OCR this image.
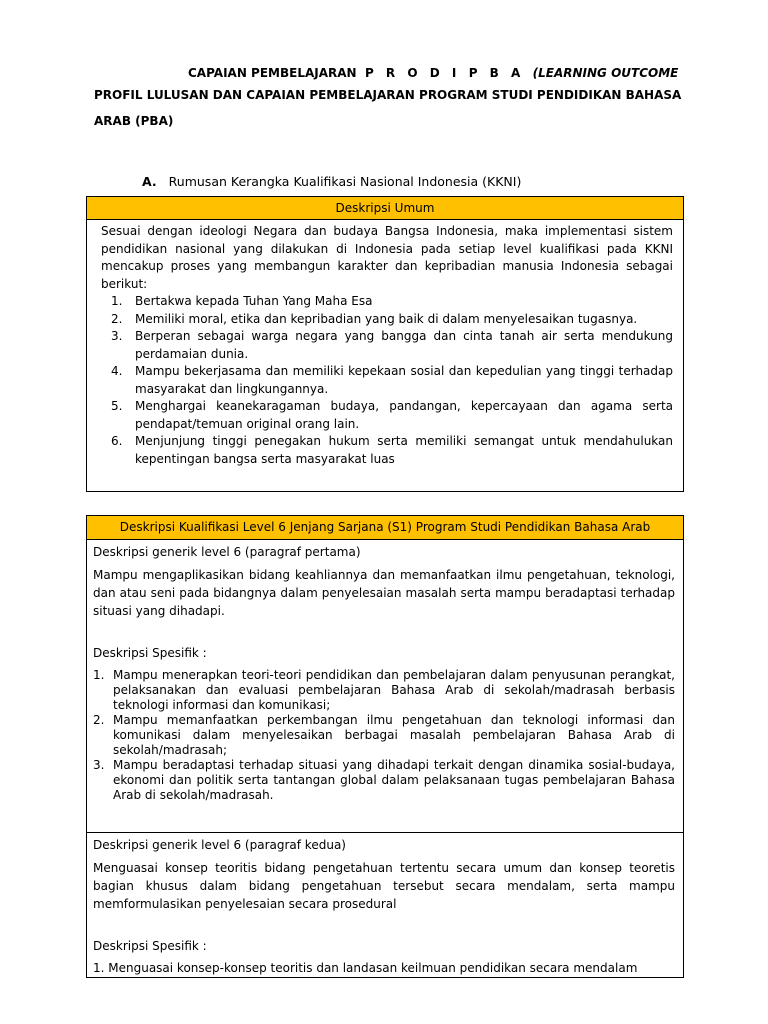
CAPAIAN PEMBELAJARAN P R O D I P B A (LEARNING OUTCOME
PROFIL LULUSAN DAN CAPAIAN PEMBELAJARAN PROGRAM STUDI PENDIDIKAN BAHASA
ARAB (PBA)
A. Rumusan Kerangka Kualifikasi Nasional Indonesia (KKNI)
Deskripsi Umum

Sesuai dengan ideologi Negara dan budaya Bangsa Indonesia, maka implementasi sistem pendidikan nasional yang dilakukan di Indonesia pada setiap level kualifikasi pada KKNI mencakup proses yang membangun karakter dan kepribadian manusia Indonesia sebagai berikut:

1. Bertakwa kepada Tuhan Yang Maha Esa
2. Memiliki moral, etika dan kepribadian yang baik di dalam menyelesaikan tugasnya.
3. Berperan sebagai warga negara yang bangga dan cinta tanah air serta mendukung perdamaian dunia.
4. Mampu bekerjasama dan memiliki kepekaan sosial dan kepedulian yang tinggi terhadap masyarakat dan lingkungannya.
5. Menghargai keanekaragaman budaya, pandangan, kepercayaan dan agama serta pendapat/temuan original orang lain.
6. Menjunjung tinggi penegakan hukum serta memiliki semangat untuk mendahulukan kepentingan bangsa serta masyarakat luas
Deskripsi Kualifikasi Level 6 Jenjang Sarjana (S1) Program Studi Pendidikan Bahasa Arab
Deskripsi generik level 6 (paragraf pertama)

Mampu mengaplikasikan bidang keahliannya dan memanfaatkan ilmu pengetahuan, teknologi, dan atau seni pada bidangnya dalam penyelesaian masalah serta mampu beradaptasi terhadap situasi yang dihadapi.

Deskripsi Spesifik :
1. Mampu menerapkan teori-teori pendidikan dan pembelajaran dalam penyusunan perangkat, pelaksanakan dan evaluasi pembelajaran Bahasa Arab di sekolah/madrasah berbasis teknologi informasi dan komunikasi;
2. Mampu memanfaatkan perkembangan ilmu pengetahuan dan teknologi informasi dan komunikasi dalam menyelesaikan berbagai masalah pembelajaran Bahasa Arab di sekolah/madrasah;
3. Mampu beradaptasi terhadap situasi yang dihadapi terkait dengan dinamika sosial-budaya, ekonomi dan politik serta tantangan global dalam pelaksanaan tugas pembelajaran Bahasa Arab di sekolah/madrasah.
Deskripsi generik level 6 (paragraf kedua)

Menguasai konsep teoritis bidang pengetahuan tertentu secara umum dan konsep teoretis bagian khusus dalam bidang pengetahuan tersebut secara mendalam, serta mampu memformulasikan penyelesaian secara prosedural

Deskripsi Spesifik :
1. Menguasai konsep-konsep teoritis dan landasan keilmuan pendidikan secara mendalam
